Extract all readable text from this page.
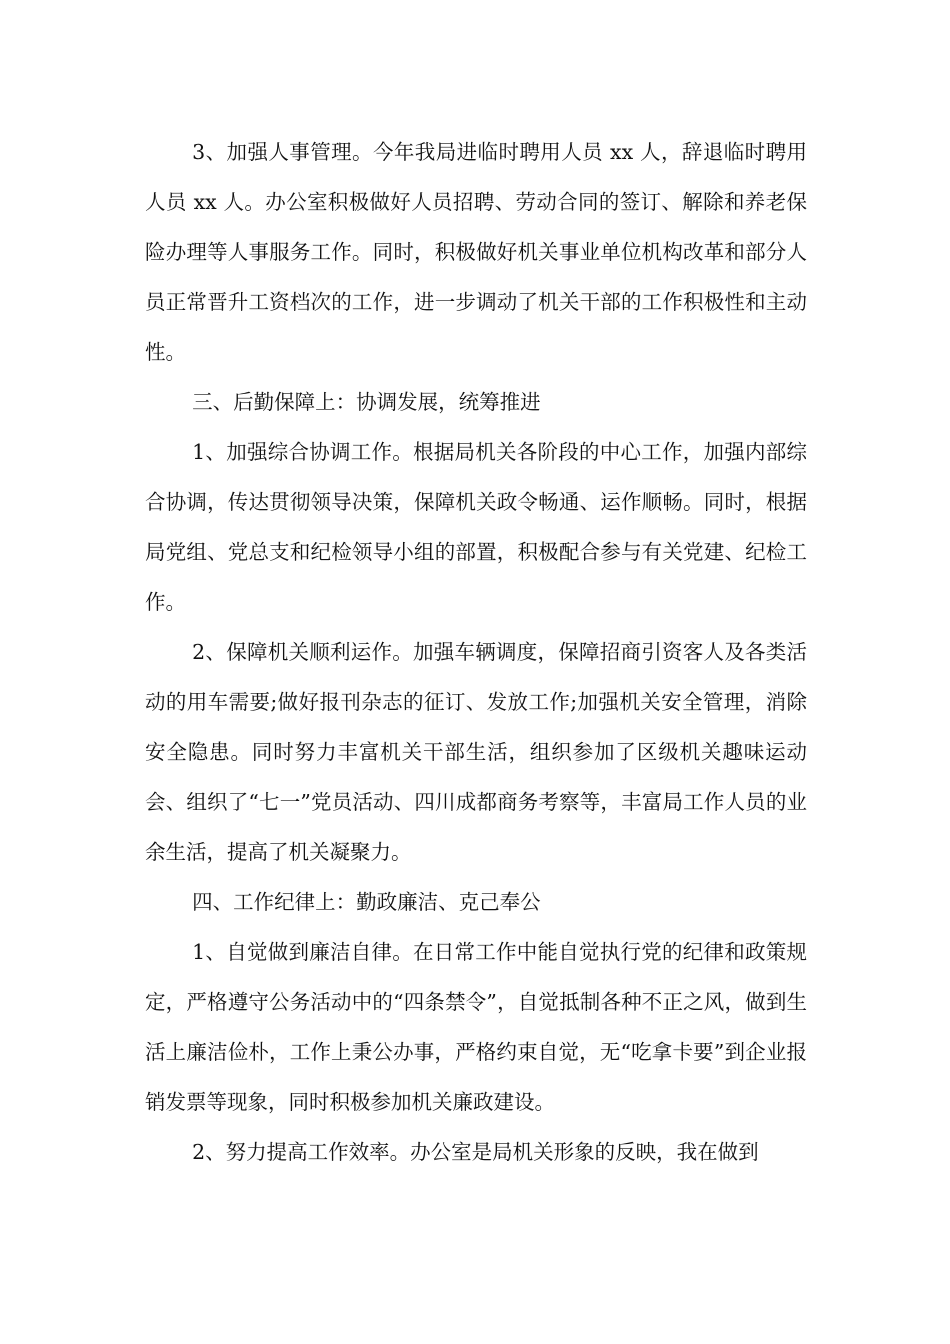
3、加强人事管理。今年我局进临时聘用人员 xx 人，辞退临时聘用人员 xx 人。办公室积极做好人员招聘、劳动合同的签订、解除和养老保险办理等人事服务工作。同时，积极做好机关事业单位机构改革和部分人员正常晋升工资档次的工作，进一步调动了机关干部的工作积极性和主动性。

三、后勤保障上：协调发展，统筹推进

1、加强综合协调工作。根据局机关各阶段的中心工作，加强内部综合协调，传达贯彻领导决策，保障机关政令畅通、运作顺畅。同时，根据局党组、党总支和纪检领导小组的部置，积极配合参与有关党建、纪检工作。

2、保障机关顺利运作。加强车辆调度，保障招商引资客人及各类活动的用车需要;做好报刊杂志的征订、发放工作;加强机关安全管理，消除安全隐患。同时努力丰富机关干部生活，组织参加了区级机关趣味运动会、组织了“七一”党员活动、四川成都商务考察等，丰富局工作人员的业余生活，提高了机关凝聚力。

四、工作纪律上：勤政廉洁、克己奉公

1、自觉做到廉洁自律。在日常工作中能自觉执行党的纪律和政策规定，严格遵守公务活动中的“四条禁令”，自觉抵制各种不正之风，做到生活上廉洁俭朴，工作上秉公办事，严格约束自觉，无“吃拿卡要”到企业报销发票等现象，同时积极参加机关廉政建设。

2、努力提高工作效率。办公室是局机关形象的反映，我在做到
